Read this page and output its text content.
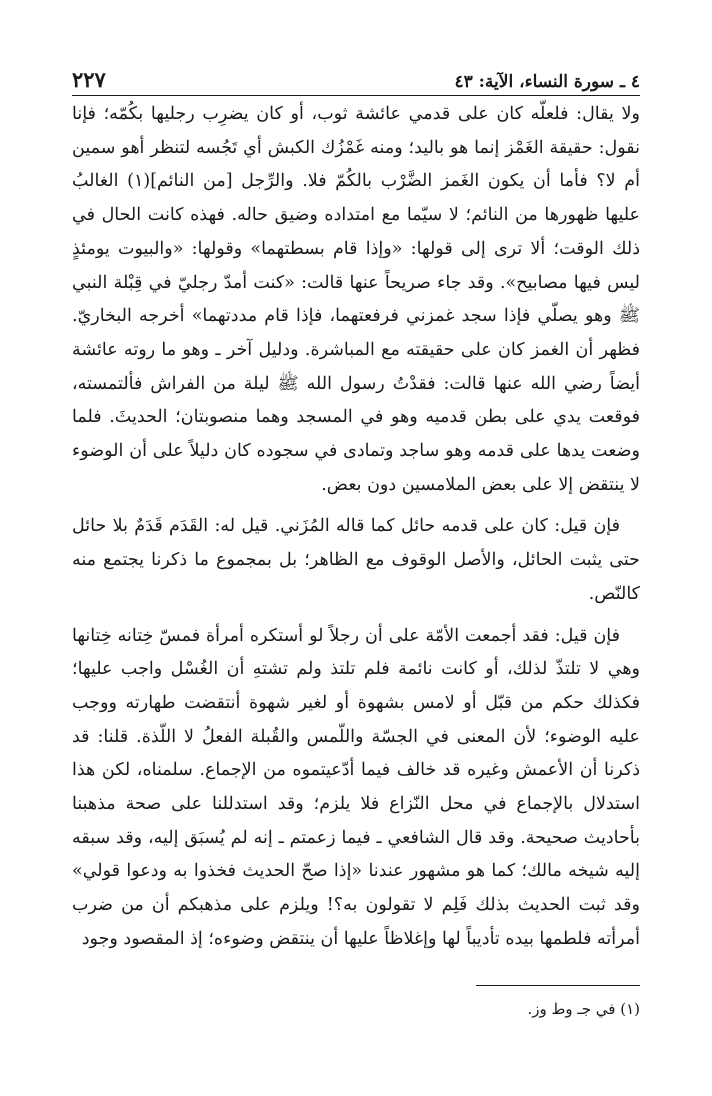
٤ ـ سورة النساء، الآية: ٤٣
٢٢٧

ولا يقال: فلعلّه كان على قدمي عائشة ثوب، أو كان يضرِب رجليها بكُمّه؛ فإنا نقول: حقيقة الغَمْز إنما هو باليد؛ ومنه غَمْزُك الكبش أي تَجُسه لتنظر أهو سمين أم لا؟ فأما أن يكون الغَمز الضَّرْب بالكُمّ فلا. والرِّجل [من النائم](١) الغالبُ عليها ظهورها من النائم؛ لا سيّما مع امتداده وضيق حاله. فهذه كانت الحال في ذلك الوقت؛ ألا ترى إلى قولها: «وإذا قام بسطتهما» وقولها: «والبيوت يومئذٍ ليس فيها مصابيح». وقد جاء صريحاً عنها قالت: «كنت أمدّ رجليّ في قِبْلة النبي ﷺ وهو يصلّي فإذا سجد غمزني فرفعتهما، فإذا قام مددتهما» أخرجه البخاريّ. فظهر أن الغمز كان على حقيقته مع المباشرة. ودليل آخر ـ وهو ما روته عائشة أيضاً رضي الله عنها قالت: فقدْتُ رسول الله ﷺ ليلة من الفراش فألتمسته، فوقعت يدي على بطن قدميه وهو في المسجد وهما منصوبتان؛ الحديثَ. فلما وضعت يدها على قدمه وهو ساجد وتمادى في سجوده كان دليلاً على أن الوضوء لا ينتقض إلا على بعض الملامسين دون بعض.

فإن قيل: كان على قدمه حائل كما قاله المُزَني. قيل له: القَدَم قَدَمٌ بلا حائل حتى يثبت الحائل، والأصل الوقوف مع الظاهر؛ بل بمجموع ما ذكرنا يجتمع منه كالنّص.

فإن قيل: فقد أجمعت الأمّة على أن رجلاً لو أستكره أمرأة فمسّ خِتانه خِتانها وهي لا تلتذّ لذلك، أو كانت نائمة فلم تلتذ ولم تشتهِ أن الغُسْل واجب عليها؛ فكذلك حكم من قبّل أو لامس بشهوة أو لغير شهوة أنتقضت طهارته ووجب عليه الوضوء؛ لأن المعنى في الجسّة واللّمس والقُبلة الفعلُ لا اللّذة. قلنا: قد ذكرنا أن الأعمش وغيره قد خالف فيما أدّعيتموه من الإجماع. سلمناه، لكن هذا استدلال بالإجماع في محل النّزاع فلا يلزم؛ وقد استدللنا على صحة مذهبنا بأحاديث صحيحة. وقد قال الشافعي ـ فيما زعمتم ـ إنه لم يُسبَق إليه، وقد سبقه إليه شيخه مالك؛ كما هو مشهور عندنا «إذا صحّ الحديث فخذوا به ودعوا قولي» وقد ثبت الحديث بذلك فَلِم لا تقولون به؟! ويلزم على مذهبكم أن من ضرب أمرأته فلطمها بيده تأديباً لها وإغلاظاً عليها أن ينتقض وضوءه؛ إذ المقصود وجود

(١) في جـ وط وز.
